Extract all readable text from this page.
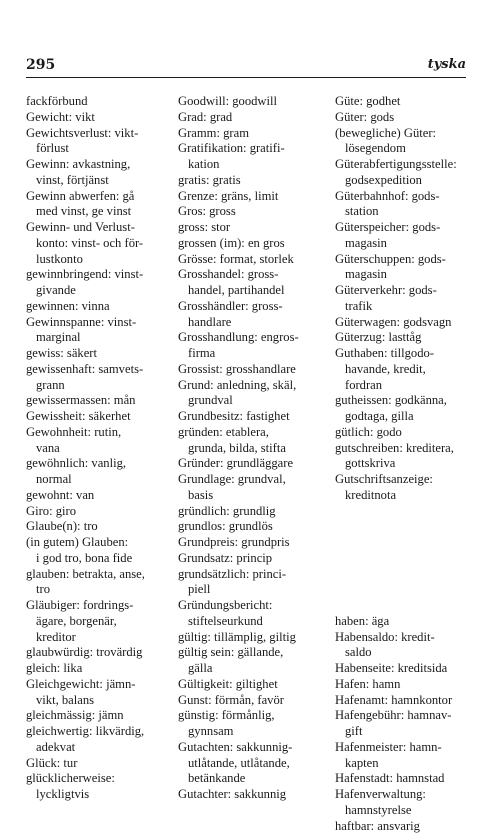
295	tyska
fackförbund
Gewicht: vikt
Gewichtsverlust: vikt-
förlust
Gewinn: avkastning,
vinst, förtjänst
Gewinn abwerfen: gå
med vinst, ge vinst
Gewinn- und Verlust-
konto: vinst- och för-
lustkonto
gewinnbringend: vinst-
givande
gewinnen: vinna
Gewinnspanne: vinst-
marginal
gewiss: säkert
gewissenhaft: samvets-
grann
gewissermassen: mån
Gewissheit: säkerhet
Gewohnheit: rutin,
vana
gewöhnlich: vanlig,
normal
gewohnt: van
Giro: giro
Glaube(n): tro
(in gutem) Glauben:
i god tro, bona fide
glauben: betrakta, anse,
tro
Gläubiger: fordrings-
ägare, borgenär,
kreditor
glaubwürdig: trovärdig
gleich: lika
Gleichgewicht: jämn-
vikt, balans
gleichmässig: jämn
gleichwertig: likvärdig,
adekvat
Glück: tur
glücklicherweise:
lyckligtvis
Goodwill: goodwill
Grad: grad
Gramm: gram
Gratifikation: gratifi-
kation
gratis: gratis
Grenze: gräns, limit
Gros: gross
gross: stor
grossen (im): en gros
Grösse: format, storlek
Grosshandel: gross-
handel, partihandel
Grosshändler: gross-
handlare
Grosshandlung: engros-
firma
Grossist: grosshandlare
Grund: anledning, skäl,
grundval
Grundbesitz: fastighet
gründen: etablera,
grunda, bilda, stifta
Gründer: grundläggare
Grundlage: grundval,
basis
gründlich: grundlig
grundlos: grundlös
Grundpreis: grundpris
Grundsatz: princip
grundsätzlich: princi-
piell
Gründungsbericht:
stiftelseurkund
gültig: tillämplig, giltig
gültig sein: gällande,
gälla
Gültigkeit: giltighet
Gunst: förmån, favör
günstig: förmånlig,
gynnsam
Gutachten: sakkunnig-
utlåtande, utlåtande,
betänkande
Gutachter: sakkunnig
Güte: godhet
Güter: gods
(bewegliche) Güter:
lösegendom
Güterabfertigungsstelle:
godsexpedition
Güterbahnhof: gods-
station
Güterspeicher: gods-
magasin
Güterschuppen: gods-
magasin
Güterverkehr: gods-
trafik
Güterwagen: godsvagn
Güterzug: lasttåg
Guthaben: tillgodo-
havande, kredit,
fordran
gutheissen: godkänna,
godtaga, gilla
gütlich: godo
gutschreiben: kreditera,
gottskriva
Gutschriftsanzeige:
kreditnota
haben: äga
Habensaldo: kredit-
saldo
Habenseite: kreditsida
Hafen: hamn
Hafenamt: hamnkontor
Hafengebühr: hamnav-
gift
Hafenmeister: hamn-
kapten
Hafenstadt: hamnstad
Hafenverwaltung:
hamnstyrelse
haftbar: ansvarig
